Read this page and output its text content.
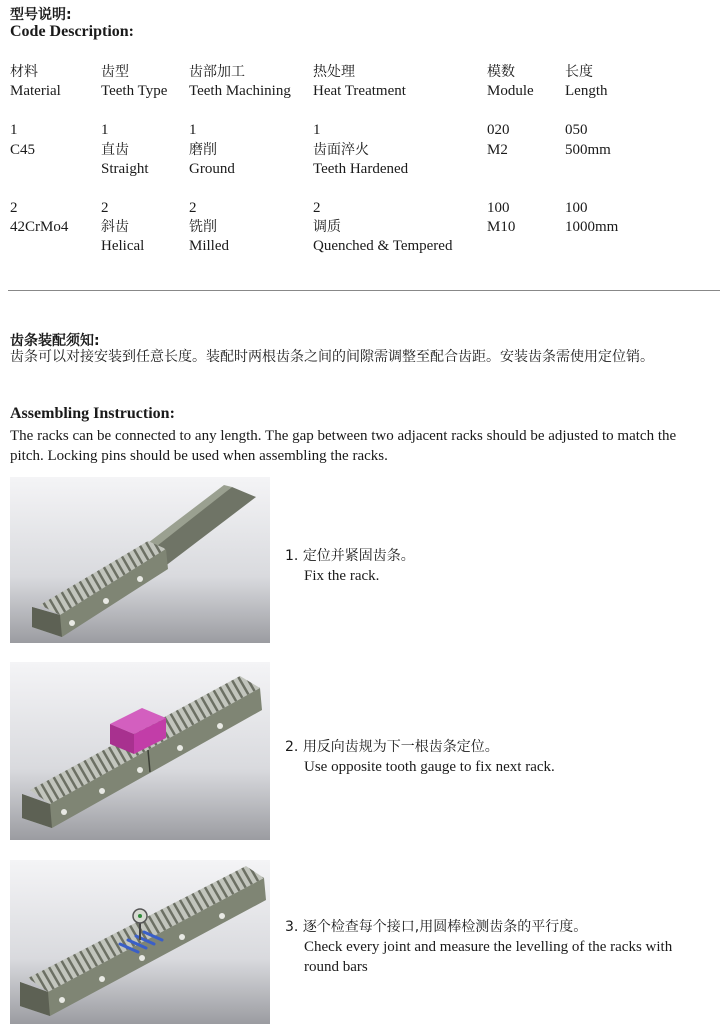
型号说明:
Code Description:
材料
Material
1
C45
2
42CrMo4
齿型
Teeth Type
1
直齿
Straight
2
斜齿
Helical
齿部加工
Teeth Machining
1
磨削
Ground
2
铣削
Milled
热处理
Heat Treatment
1
齿面淬火
Teeth Hardened
2
调质
Quenched & Tempered
模数
Module
020
M2
100
M10
长度
Length
050
500mm
100
1000mm
齿条装配须知:
齿条可以对接安装到任意长度。装配时两根齿条之间的间隙需调整至配合齿距。安装齿条需使用定位销。
Assembling Instruction:
The racks can be connected to any length. The gap between two adjacent racks should be adjusted to match the pitch. Locking pins should be used when assembling the racks.
1. 定位并紧固齿条。
Fix the rack.
2. 用反向齿规为下一根齿条定位。
Use opposite tooth gauge to fix next rack.
3. 逐个检查每个接口,用圆棒检测齿条的平行度。
Check every joint and measure the levelling of the racks with round bars
